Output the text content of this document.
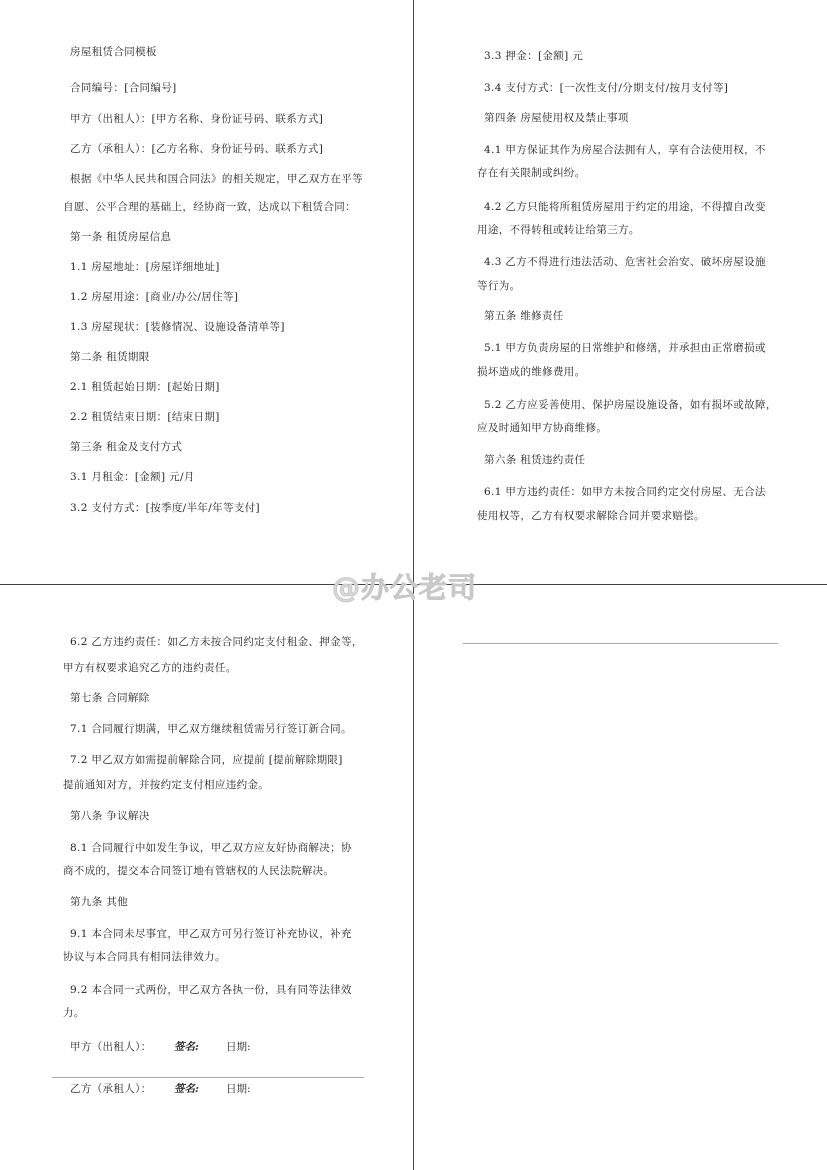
房屋租赁合同模板
合同编号：[合同编号]
甲方（出租人）：[甲方名称、身份证号码、联系方式]
乙方（承租人）：[乙方名称、身份证号码、联系方式]
根据《中华人民共和国合同法》的相关规定，甲乙双方在平等
自愿、公平合理的基础上，经协商一致，达成以下租赁合同：
第一条 租赁房屋信息
1.1 房屋地址：[房屋详细地址]
1.2 房屋用途：[商业/办公/居住等]
1.3 房屋现状：[装修情况、设施设备清单等]
第二条 租赁期限
2.1 租赁起始日期：[起始日期]
2.2 租赁结束日期：[结束日期]
第三条 租金及支付方式
3.1 月租金：[金额] 元/月
3.2 支付方式：[按季度/半年/年等支付]
3.3 押金：[金额] 元
3.4 支付方式：[一次性支付/分期支付/按月支付等]
第四条 房屋使用权及禁止事项
4.1 甲方保证其作为房屋合法拥有人，享有合法使用权，不
存在有关限制或纠纷。
4.2 乙方只能将所租赁房屋用于约定的用途，不得擅自改变
用途，不得转租或转让给第三方。
4.3 乙方不得进行违法活动、危害社会治安、破坏房屋设施
等行为。
第五条 维修责任
5.1 甲方负责房屋的日常维护和修缮，并承担由正常磨损或
损坏造成的维修费用。
5.2 乙方应妥善使用、保护房屋设施设备，如有损坏或故障，
应及时通知甲方协商维修。
第六条 租赁违约责任
6.1 甲方违约责任：如甲方未按合同约定交付房屋、无合法
使用权等，乙方有权要求解除合同并要求赔偿。
@办公老司
6.2 乙方违约责任：如乙方未按合同约定支付租金、押金等，
甲方有权要求追究乙方的违约责任。
第七条 合同解除
7.1 合同履行期满，甲乙双方继续租赁需另行签订新合同。
7.2 甲乙双方如需提前解除合同，应提前 [提前解除期限]
提前通知对方，并按约定支付相应违约金。
第八条 争议解决
8.1 合同履行中如发生争议，甲乙双方应友好协商解决；协
商不成的，提交本合同签订地有管辖权的人民法院解决。
第九条 其他
9.1 本合同未尽事宜，甲乙双方可另行签订补充协议，补充
协议与本合同具有相同法律效力。
9.2 本合同一式两份，甲乙双方各执一份，具有同等法律效
力。
甲方（出租人）：	签名:	日期:
乙方（承租人）：	签名:	日期:
